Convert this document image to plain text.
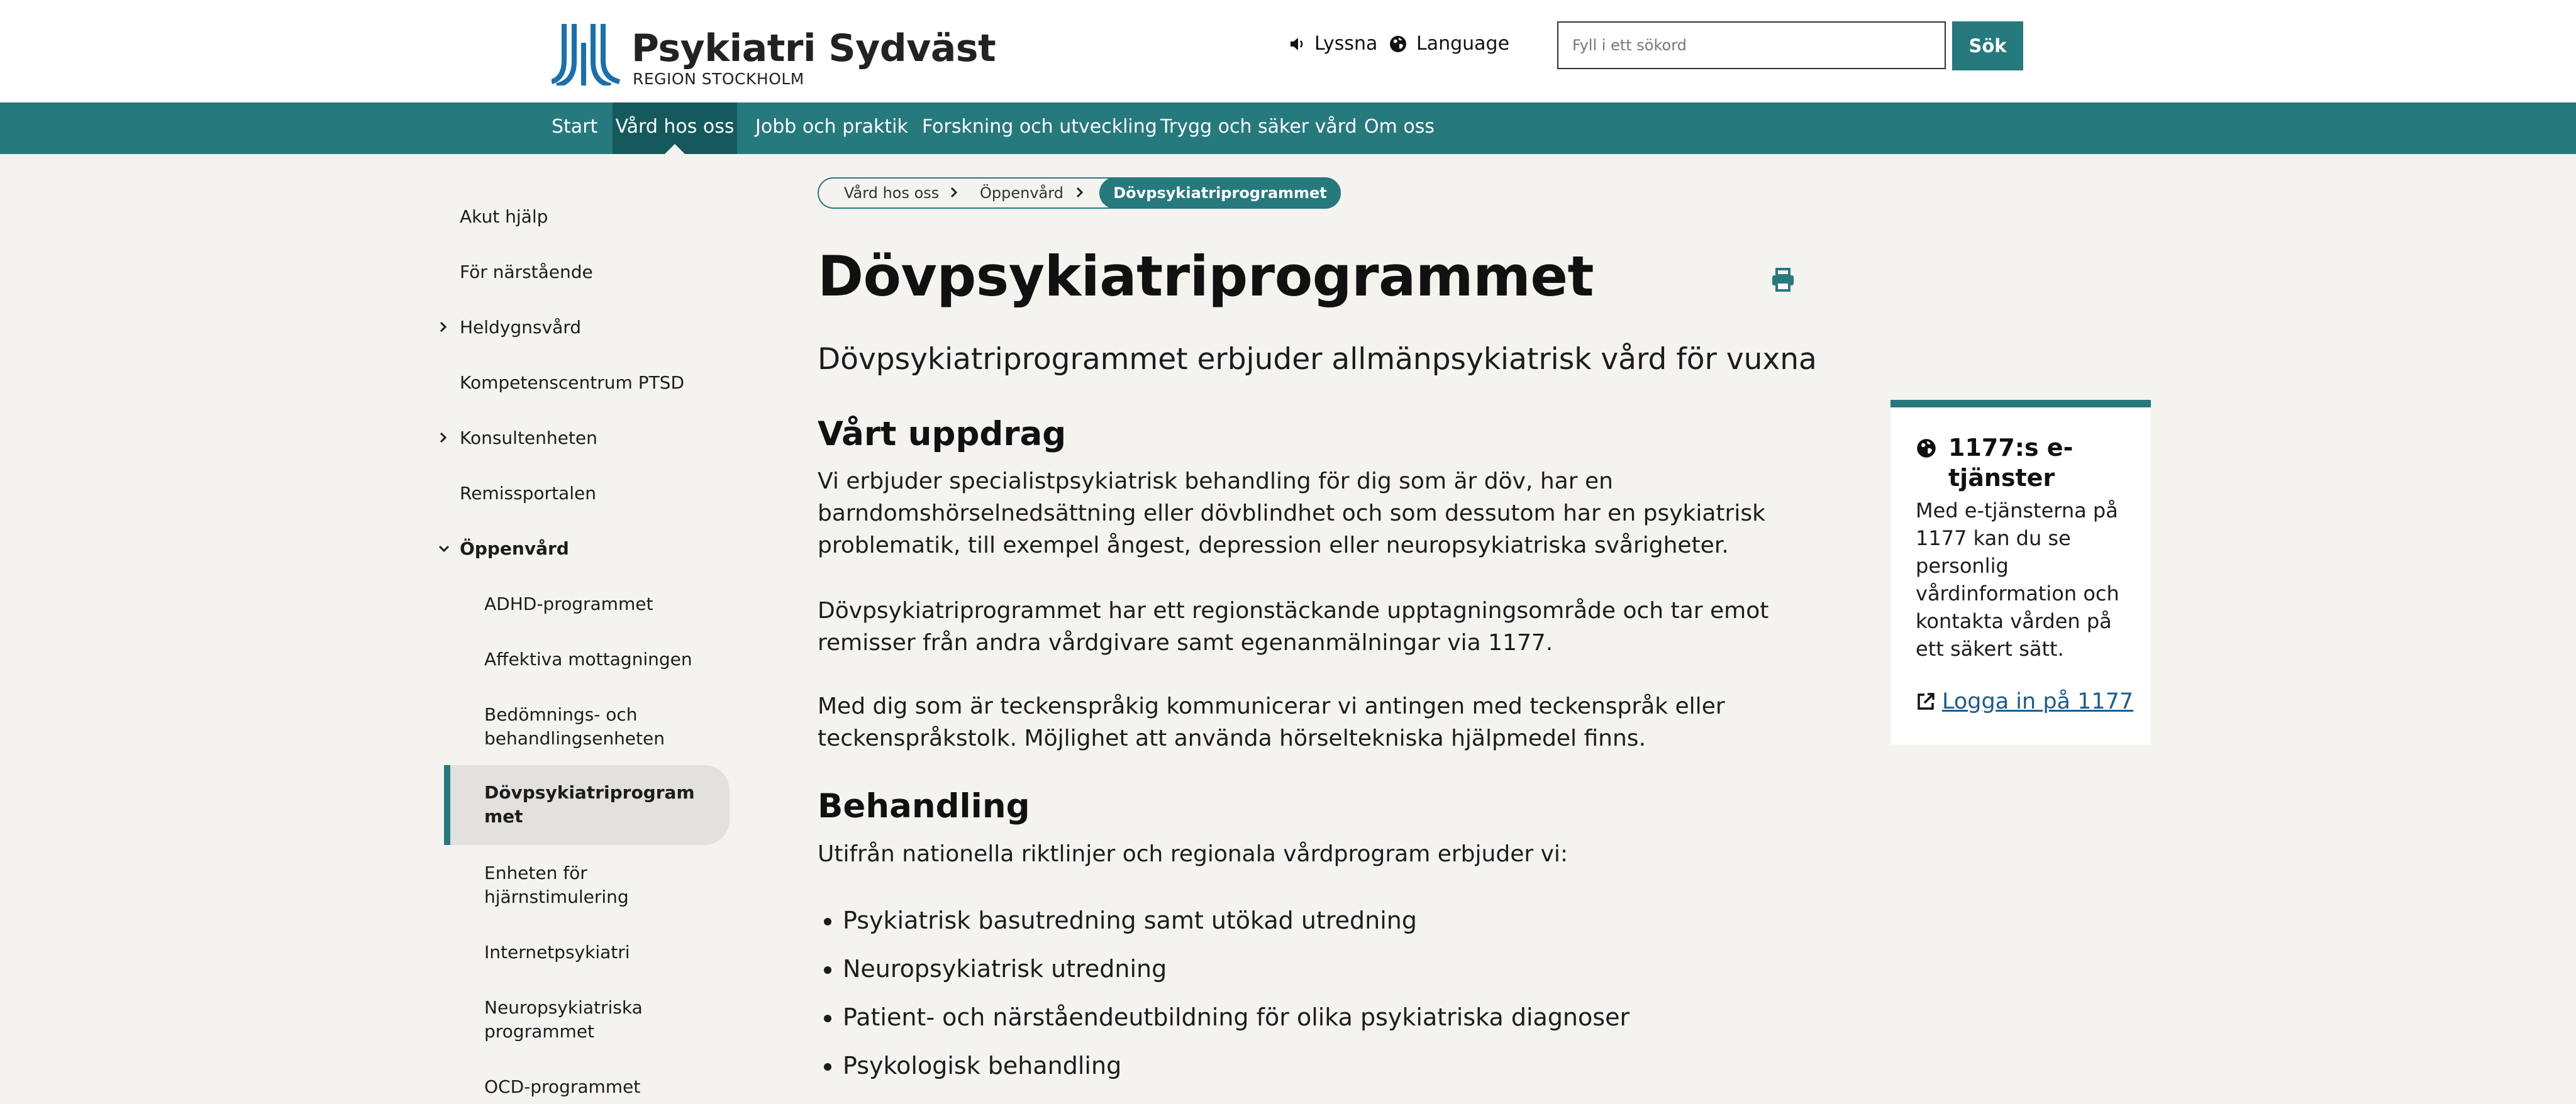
Psykiatri Sydväst
REGION STOCKHOLM
Lyssna Language
Fyll i ett sökord	Sök
Start Vård hos oss Jobb och praktik Forskning och utveckling Trygg och säker vård Om oss
Akut hjälp
För närstående
Heldygnsvård
Kompetenscentrum PTSD
Konsultenheten
Remissportalen
Öppenvård
ADHD-programmet
Affektiva mottagningen
Bedömnings- och behandlingsenheten
Dövpsykiatriprogrammet
Enheten för hjärnstimulering
Internetpsykiatri
Neuropsykiatriska programmet
OCD-programmet
Vård hos oss	Öppenvård	Dövpsykiatriprogrammet
Dövpsykiatriprogrammet
Dövpsykiatriprogrammet erbjuder allmänpsykiatrisk vård för vuxna
Vårt uppdrag
Vi erbjuder specialistpsykiatrisk behandling för dig som är döv, har en barndomshörselnedsättning eller dövblindhet och som dessutom har en psykiatrisk problematik, till exempel ångest, depression eller neuropsykiatriska svårigheter.
Dövpsykiatriprogrammet har ett regionstäckande upptagningsområde och tar emot remisser från andra vårdgivare samt egenanmälningar via 1177.
Med dig som är teckenspråkig kommunicerar vi antingen med teckenspråk eller teckenspråkstolk. Möjlighet att använda hörseltekniska hjälpmedel finns.
Behandling
Utifrån nationella riktlinjer och regionala vårdprogram erbjuder vi:
• Psykiatrisk basutredning samt utökad utredning
• Neuropsykiatrisk utredning
• Patient- och närståendeutbildning för olika psykiatriska diagnoser
• Psykologisk behandling
1177:s e-tjänster
Med e-tjänsterna på 1177 kan du se personlig vårdinformation och kontakta vården på ett säkert sätt.
Logga in på 1177
